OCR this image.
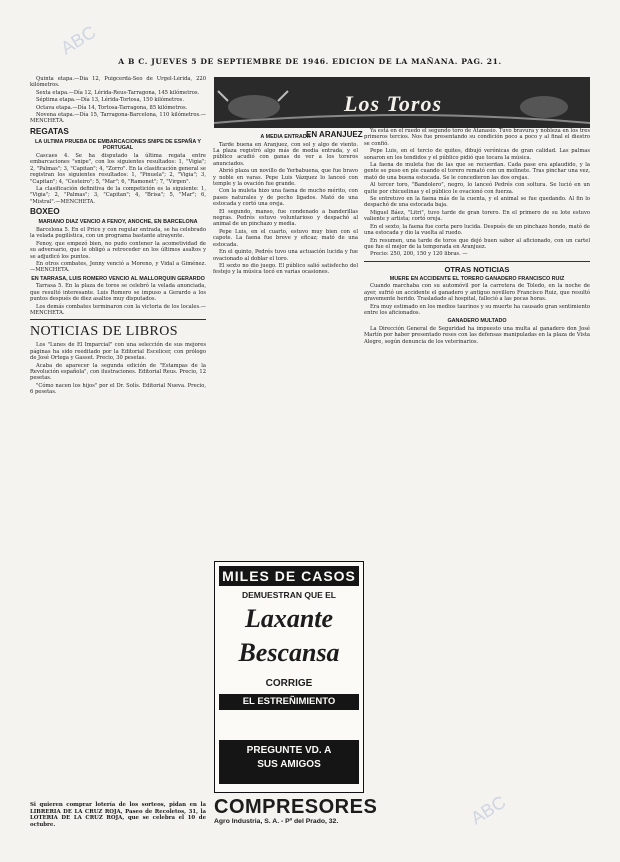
A B C. JUEVES 5 DE SEPTIEMBRE DE 1946. EDICION DE LA MAÑANA. PAG. 21.
Los Toros

Quinta etapa.—Día 12, Puigcerdá-Seo de Urgel-Lérida, 220 kilómetros.

Sexta etapa.—Día 12, Lérida-Reus-Tarragona, 145 kilómetros.

Séptima etapa.—Día 13, Lérida-Tortosa, 150 kilómetros.

Octava etapa.—Día 14, Tortosa-Tarragona, 85 kilómetros.

Novena etapa.—Día 15, Tarragona-Barcelona, 110 kilómetros.—MENCHETA.

REGATAS
LA ULTIMA PRUEBA DE EMBARCACIONES SNIPE DE ESPAÑA Y PORTUGAL

Cascaes 4. Se ha disputado la última regata entre embarcaciones "snipe", con los siguientes resultados: 1, "Vigia"; 2, "Palmas"; 3, "Capitan"; 4, "Zorro". En la clasificación general se registran los siguientes resultados: 1, "Pinuela"; 2, "Vigia"; 3, "Capitan"; 4, "Cesteiro"; 5, "Mar"; 6, "Ramonet"; 7, "Virgen".

La clasificación definitiva de la competición es la siguiente: 1, "Vigia"; 2, "Palmas"; 3, "Capitan"; 4, "Brisa"; 5, "Mar"; 6, "Mistral".—MENCHETA.

BOXEO
MARIANO DIAZ VENCIO A FENOY, ANOCHE, EN BARCELONA

Barcelona 5. En el Price y con regular entrada, se ha celebrado la velada pugilística, con un programa bastante atrayente.

Fenoy, que empezó bien, no pudo contener la acometividad de su adversario, que le obligó a retroceder en los últimos asaltos y se adjudicó los puntos.

En otros combates, Jenny venció a Moreno, y Vidal a Giménez.—MENCHETA.

EN TARRASA, LUIS ROMERO VENCIO AL MALLORQUIN GERARDO

Tarrasa 5. En la plaza de toros se celebró la velada anunciada, que resultó interesante. Luis Romero se impuso a Gerardo a los puntos después de diez asaltos muy disputados.

Los demás combates terminaron con la victoria de los locales.—MENCHETA.

NOTICIAS DE LIBROS

Los "Lunes de El Imparcial" con una selección de sus mejores páginas ha sido reeditado por la Editorial Escelicer, con prólogo de José Ortega y Gasset. Precio, 30 pesetas.

Acaba de aparecer la segunda edición de "Estampas de la Revolución española", con ilustraciones. Editorial Reus. Precio, 12 pesetas.

"Cómo nacen los hijos" por el Dr. Solís. Editorial Nueva. Precio, 6 pesetas.

Si quieren comprar lotería de los sorteos, pidan en la LIBRERIA DE LA CRUZ ROJA, Paseo de Recoletos, 31, la LOTERIA DE LA CRUZ ROJA, que se celebra el 10 de octubre.
EN ARANJUEZ
A MEDIA ENTRADA

Tarde buena en Aranjuez, con sol y algo de viento. La plaza registró algo más de media entrada, y el público acudió con ganas de ver a los toreros anunciados.

Abrió plaza un novillo de Yerbabuena, que fue bravo y noble en varas. Pepe Luis Vázquez lo lanceó con temple y la ovación fue grande.

Con la muleta hizo una faena de mucho mérito, con pases naturales y de pecho ligados. Mató de una estocada y cortó una oreja.

El segundo, manso, fue condenado a banderillas negras. Pedrés estuvo voluntarioso y despachó al animal de un pinchazo y media.

Pepe Luis, en el cuarto, estuvo muy bien con el capote. La faena fue breve y eficaz; mató de una estocada.

En el quinto, Pedrés tuvo una actuación lucida y fue ovacionado al doblar el toro.

El sexto no dio juego. El público salió satisfecho del festejo y la música tocó en varias ocasiones.

MILES DE CASOS
DEMUESTRAN QUE EL
Laxante
Bescansa
CORRIGE
EL ESTREÑIMIENTO
PREGUNTE VD. A
SUS AMIGOS
COMPRESORES
Agro Industria, S. A. - Pº del Prado, 32.

Ya está en el ruedo el segundo toro de Atanasio. Tuvo bravura y nobleza en los tres primeros tercios. Nos fue presentando su condición poco a poco y al final el diestro se confió.

Pepe Luis, en el tercio de quites, dibujó verónicas de gran calidad. Las palmas sonaron en los tendidos y el público pidió que tocara la música.

La faena de muleta fue de las que se recuerdan. Cada pase era aplaudido, y la gente se puso en pie cuando el torero remató con un molinete. Tras pinchar una vez, mató de una buena estocada. Se le concedieron las dos orejas.

Al tercer toro, "Bandolero", negro, lo lanceó Pedrés con soltura. Se lució en un quite por chicuelinas y el público le ovacionó con fuerza.

Se entretuvo en la faena más de la cuenta, y el animal se fue quedando. Al fin lo despachó de una estocada baja.

Miguel Báez, "Litri", tuvo tarde de gran torero. En el primero de su lote estuvo valiente y artista; cortó oreja.

En el sexto, la faena fue corta pero lucida. Después de un pinchazo hondo, mató de una estocada y dio la vuelta al ruedo.

En resumen, una tarde de toros que dejó buen sabor al aficionado, con un cartel que fue el mejor de la temporada en Aranjuez.

Precio: 250, 200, 150 y 120 libras. —

OTRAS NOTICIAS
MUERE EN ACCIDENTE EL TORERO GANADERO FRANCISCO RUIZ

Cuando marchaba con su automóvil por la carretera de Toledo, en la noche de ayer, sufrió un accidente el ganadero y antiguo novillero Francisco Ruiz, que resultó gravemente herido. Trasladado al hospital, falleció a las pocas horas.

Era muy estimado en los medios taurinos y su muerte ha causado gran sentimiento entre los aficionados.

GANADERO MULTADO

La Dirección General de Seguridad ha impuesto una multa al ganadero don José Martín por haber presentado reses con las defensas manipuladas en la plaza de Vista Alegre, según denuncia de los veterinarios.

ABC
ABC
